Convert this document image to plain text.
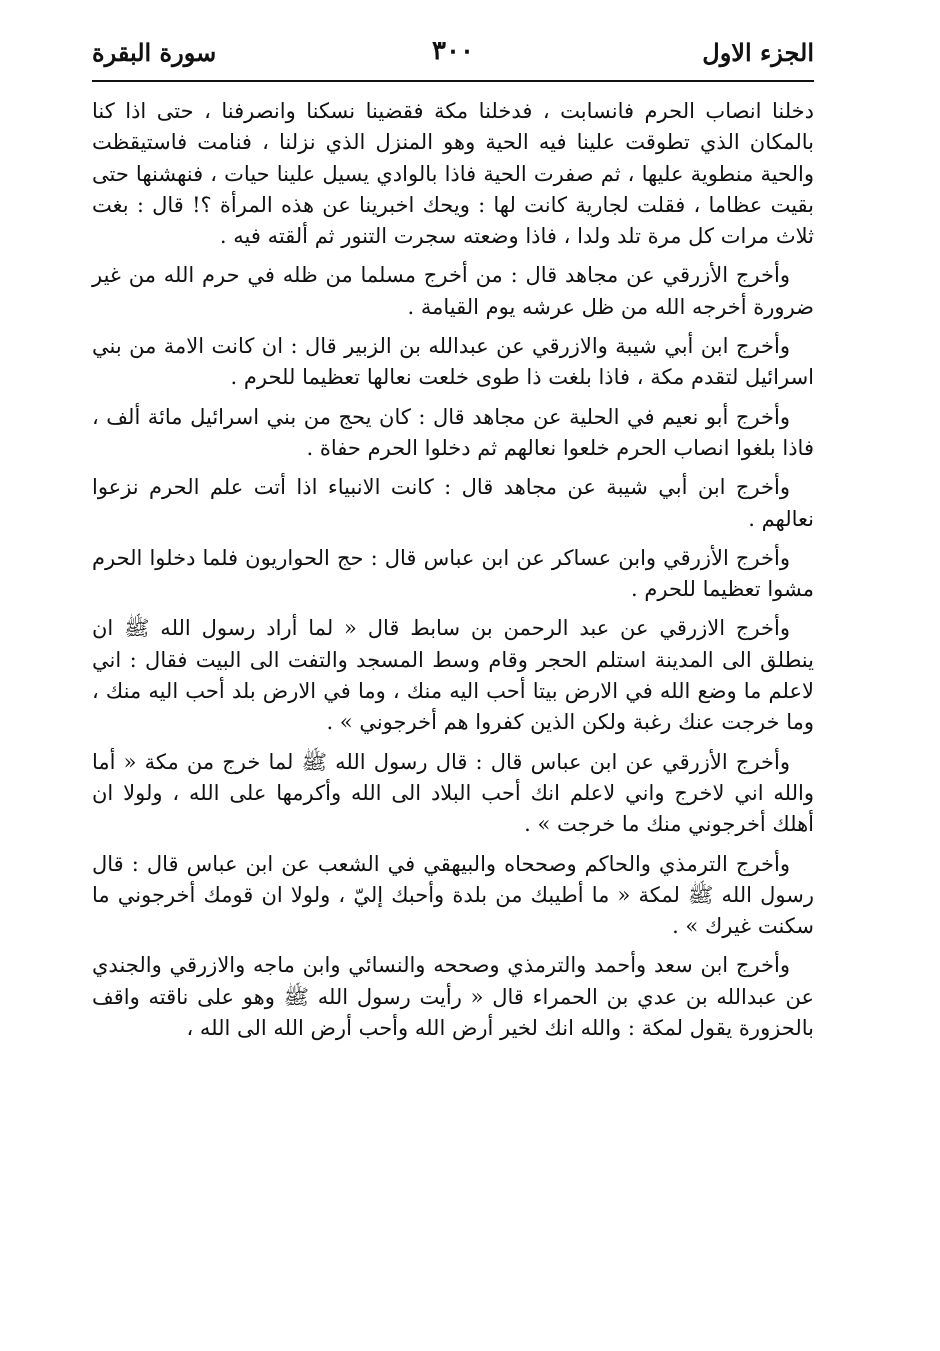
الجزء الاول
٣٠٠
سورة البقرة

دخلنا انصاب الحرم فانسابت ، فدخلنا مكة فقضينا نسكنا وانصرفنا ، حتى اذا كنا بالمكان الذي تطوقت علينا فيه الحية وهو المنزل الذي نزلنا ، فنامت فاستيقظت والحية منطوية عليها ، ثم صفرت الحية فاذا بالوادي يسيل علينا حيات ، فنهشنها حتى بقيت عظاما ، فقلت لجارية كانت لها : ويحك اخبرينا عن هذه المرأة ؟! قال : بغت ثلاث مرات كل مرة تلد ولدا ، فاذا وضعته سجرت التنور ثم ألقته فيه .

وأخرج الأزرقي عن مجاهد قال : من أخرج مسلما من ظله في حرم الله من غير ضرورة أخرجه الله من ظل عرشه يوم القيامة .

وأخرج ابن أبي شيبة والازرقي عن عبدالله بن الزبير قال : ان كانت الامة من بني اسرائيل لتقدم مكة ، فاذا بلغت ذا طوى خلعت نعالها تعظيما للحرم .

وأخرج أبو نعيم في الحلية عن مجاهد قال : كان يحج من بني اسرائيل مائة ألف ، فاذا بلغوا انصاب الحرم خلعوا نعالهم ثم دخلوا الحرم حفاة .

وأخرج ابن أبي شيبة عن مجاهد قال : كانت الانبياء اذا أتت علم الحرم نزعوا نعالهم .

وأخرج الأزرقي وابن عساكر عن ابن عباس قال : حج الحواريون فلما دخلوا الحرم مشوا تعظيما للحرم .

وأخرج الازرقي عن عبد الرحمن بن سابط قال « لما أراد رسول الله ﷺ ان ينطلق الى المدينة استلم الحجر وقام وسط المسجد والتفت الى البيت فقال : اني لاعلم ما وضع الله في الارض بيتا أحب اليه منك ، وما في الارض بلد أحب اليه منك ، وما خرجت عنك رغبة ولكن الذين كفروا هم أخرجوني » .

وأخرج الأزرقي عن ابن عباس قال : قال رسول الله ﷺ لما خرج من مكة « أما والله اني لاخرج واني لاعلم انك أحب البلاد الى الله وأكرمها على الله ، ولولا ان أهلك أخرجوني منك ما خرجت » .

وأخرج الترمذي والحاكم وصححاه والبيهقي في الشعب عن ابن عباس قال : قال رسول الله ﷺ لمكة « ما أطيبك من بلدة وأحبك إليّ ، ولولا ان قومك أخرجوني ما سكنت غيرك » .

وأخرج ابن سعد وأحمد والترمذي وصححه والنسائي وابن ماجه والازرقي والجندي عن عبدالله بن عدي بن الحمراء قال « رأيت رسول الله ﷺ وهو على ناقته واقف بالحزورة يقول لمكة : والله انك لخير أرض الله وأحب أرض الله الى الله ،
